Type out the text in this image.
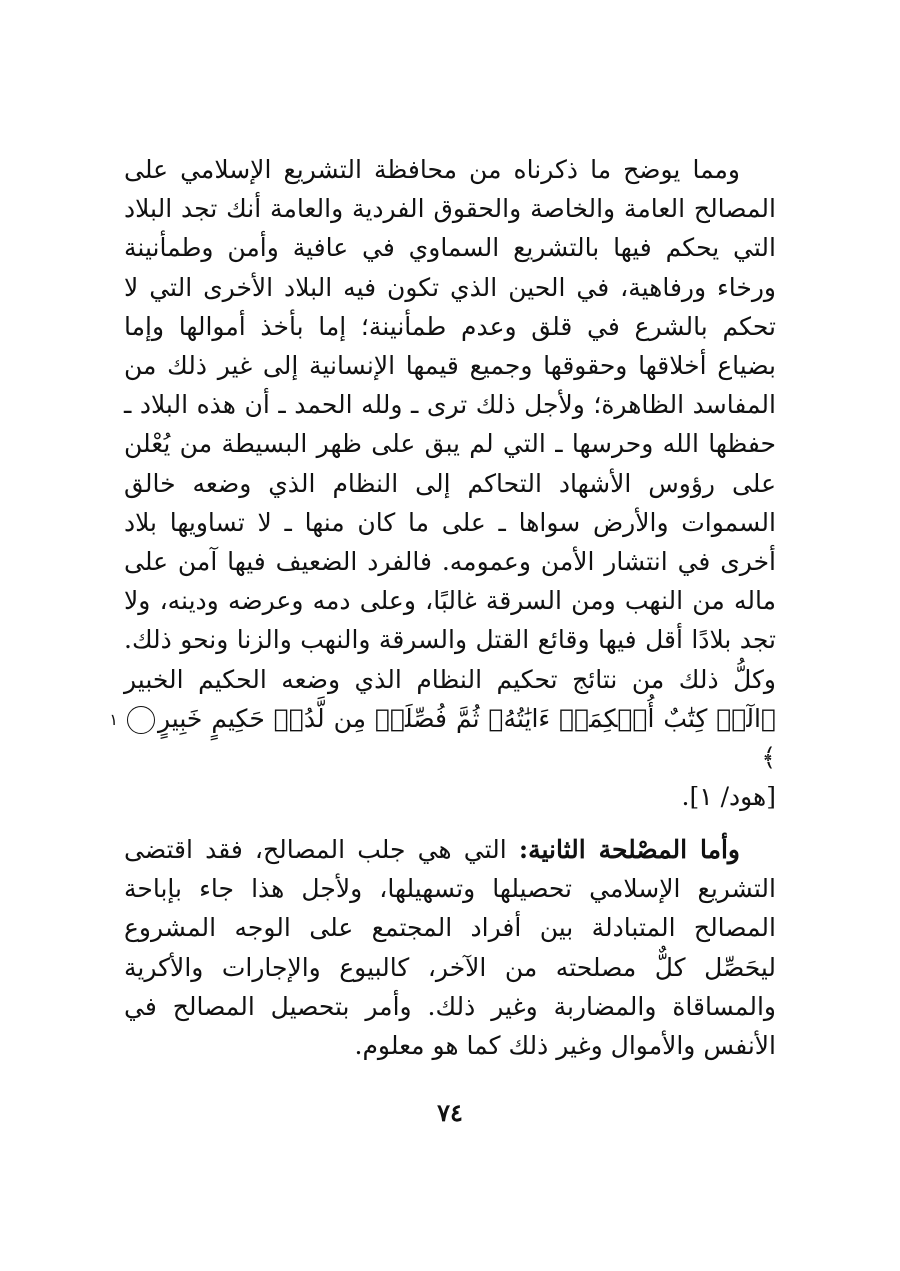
ومما يوضح ما ذكرناه من محافظة التشريع الإسلامي على المصالح العامة والخاصة والحقوق الفردية والعامة أنك تجد البلاد التي يحكم فيها بالتشريع السماوي في عافية وأمن وطمأنينة ورخاء ورفاهية، في الحين الذي تكون فيه البلاد الأخرى التي لا تحكم بالشرع في قلق وعدم طمأنينة؛ إما بأخذ أموالها وإما بضياع أخلاقها وحقوقها وجميع قيمها الإنسانية إلى غير ذلك من المفاسد الظاهرة؛ ولأجل ذلك ترى ـ ولله الحمد ـ أن هذه البلاد ـ حفظها الله وحرسها ـ التي لم يبق على ظهر البسيطة من يُعْلن على رؤوس الأشهاد التحاكم إلى النظام الذي وضعه خالق السموات والأرض سواها ـ على ما كان منها ـ لا تساويها بلاد أخرى في انتشار الأمن وعمومه. فالفرد الضعيف فيها آمن على ماله من النهب ومن السرقة غالبًا، وعلى دمه وعرضه ودينه، ولا تجد بلادًا أقل فيها وقائع القتل والسرقة والنهب والزنا ونحو ذلك. وكلُّ ذلك من نتائج تحكيم النظام الذي وضعه الحكيم الخبير ﴿الٓرۚ كِتَٰبٌ أُحۡكِمَتۡ ءَايَٰتُهُۥ ثُمَّ فُصِّلَتۡ مِن لَّدُنۡ حَكِيمٍ خَبِيرٍ١﴾
[هود/ ١].

وأما المصْلحة الثانية: التي هي جلب المصالح، فقد اقتضى التشريع الإسلامي تحصيلها وتسهيلها، ولأجل هذا جاء بإباحة المصالح المتبادلة بين أفراد المجتمع على الوجه المشروع ليحَصِّل كلٌّ مصلحته من الآخر، كالبيوع والإجارات والأكرية والمساقاة والمضاربة وغير ذلك. وأمر بتحصيل المصالح في الأنفس والأموال وغير ذلك كما هو معلوم.

٧٤
